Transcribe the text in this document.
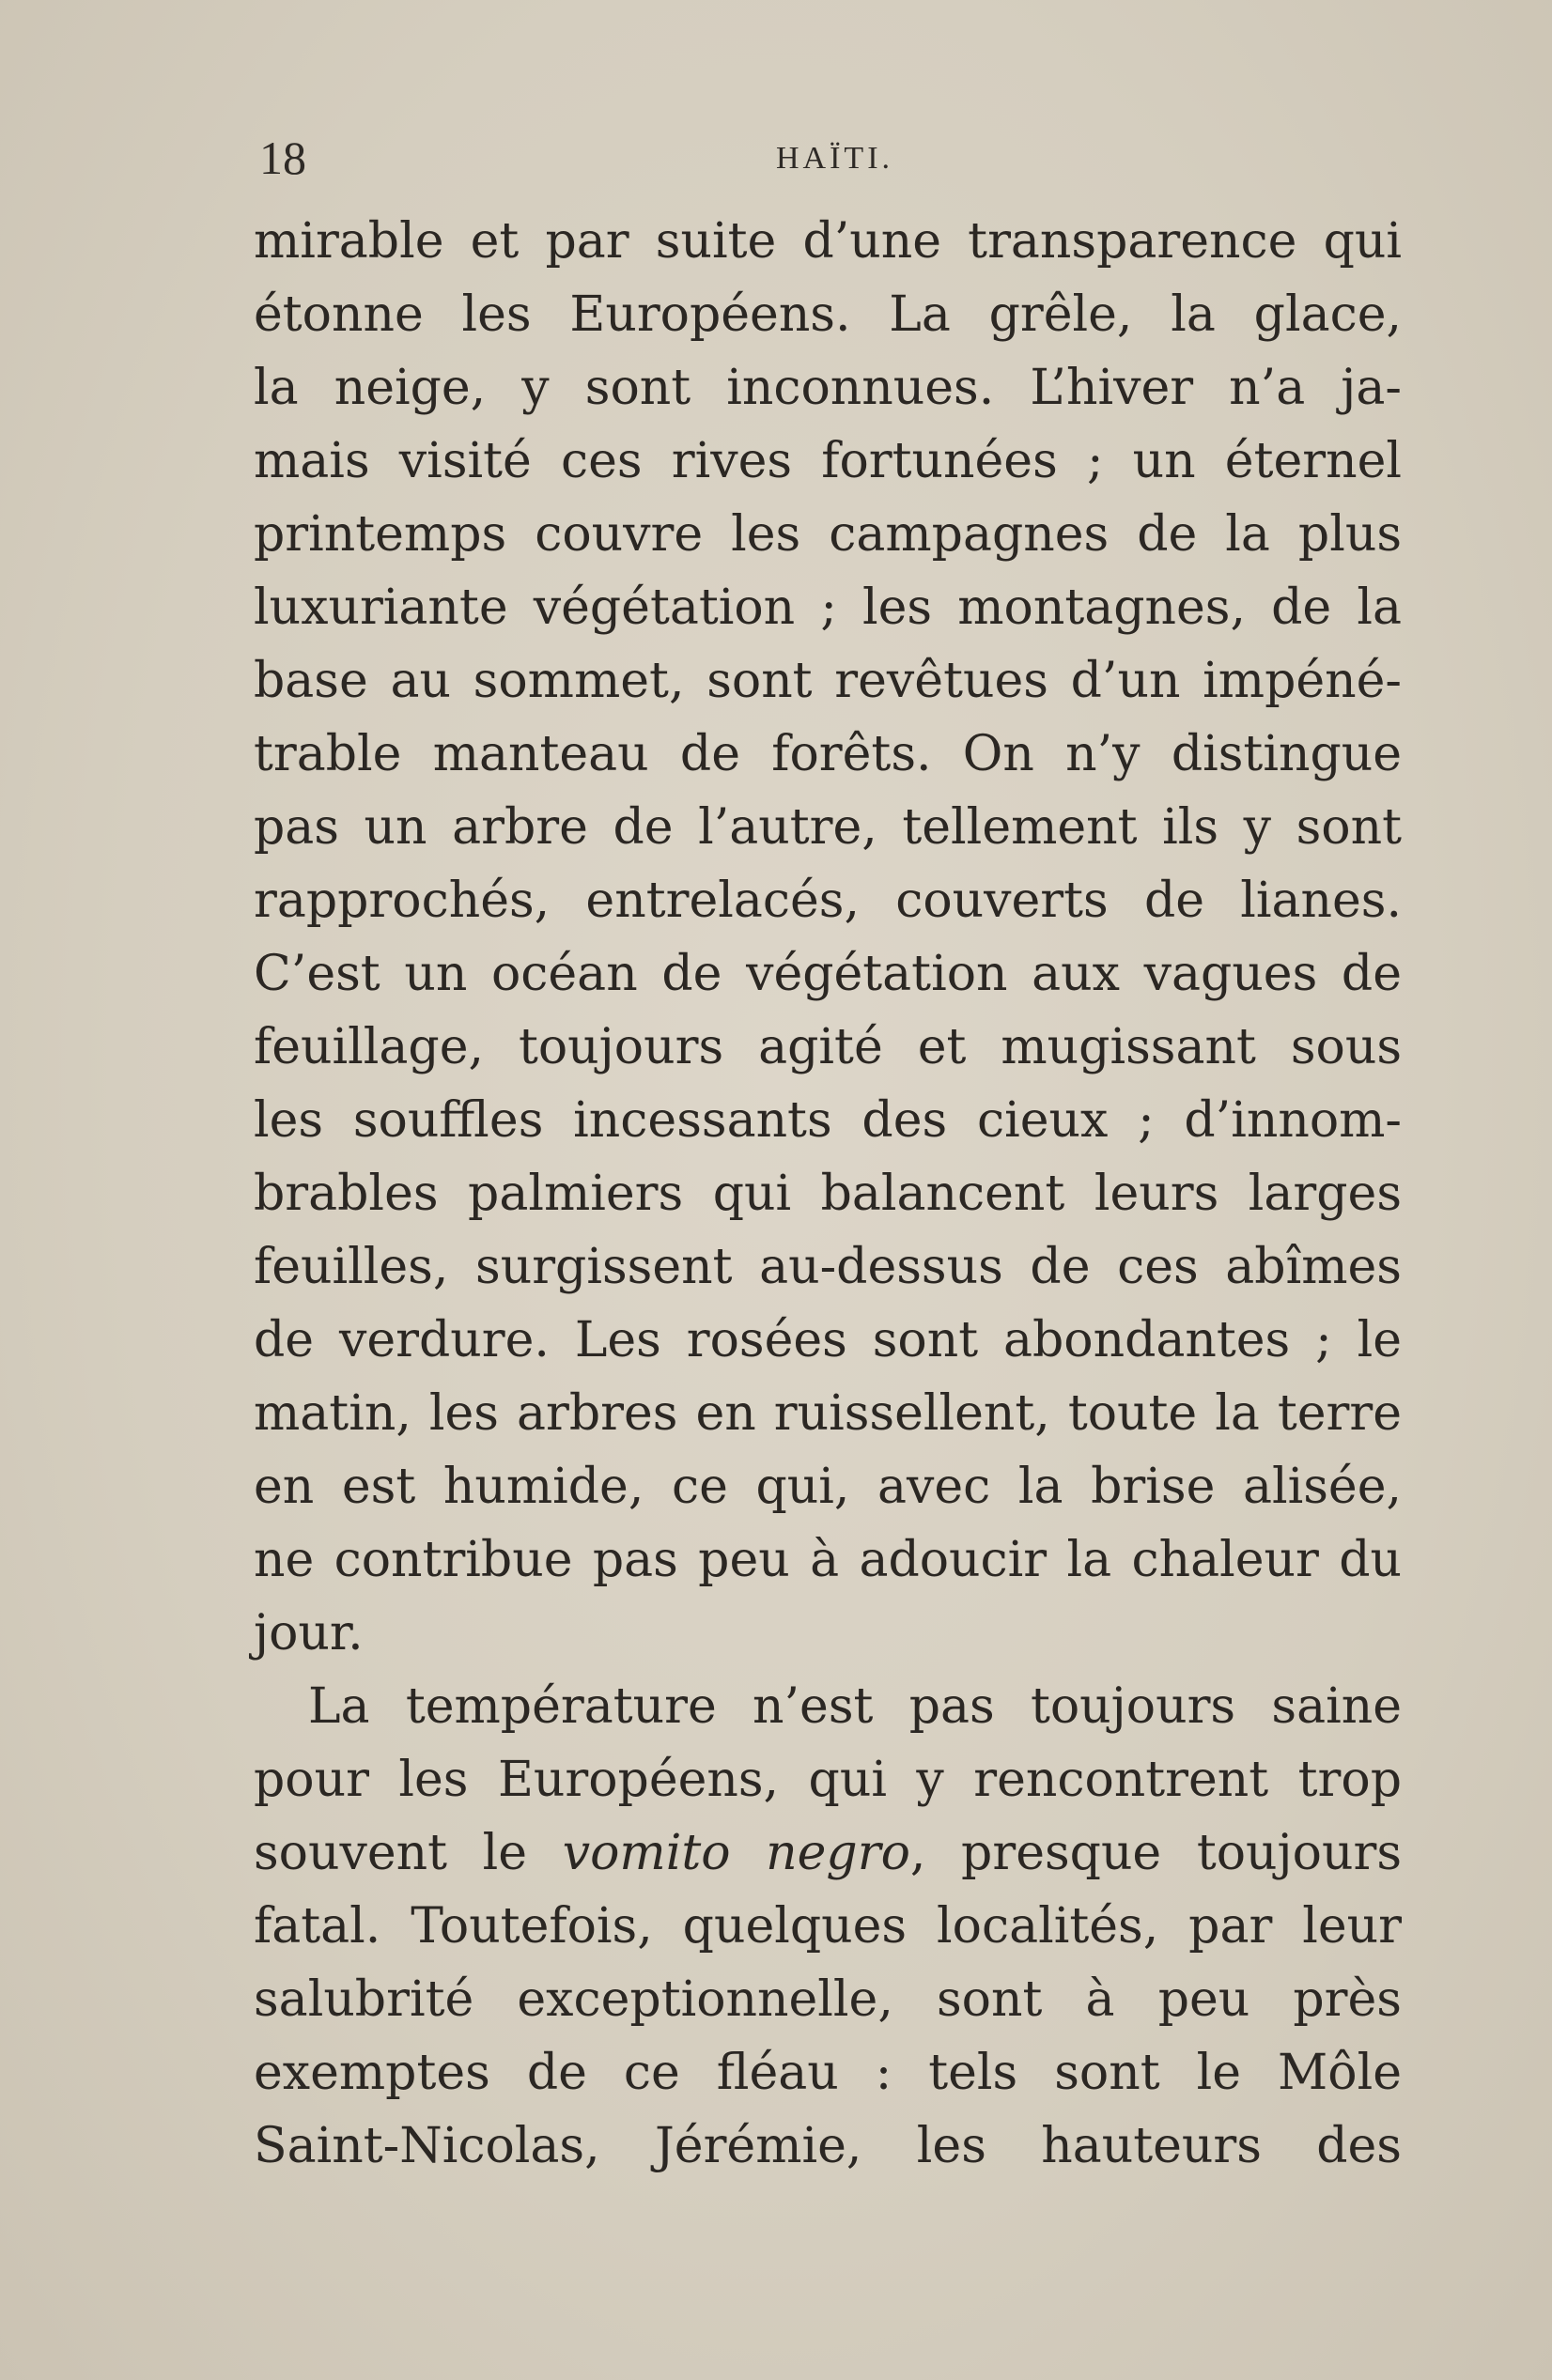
18	HAÏTI.
mirable et par suite d’une transparence qui
étonne les Européens. La grêle, la glace,
la neige, y sont inconnues. L’hiver n’a ja-
mais visité ces rives fortunées ; un éternel
printemps couvre les campagnes de la plus
luxuriante végétation ; les montagnes, de la
base au sommet, sont revêtues d’un impéné-
trable manteau de forêts. On n’y distingue
pas un arbre de l’autre, tellement ils y sont
rapprochés, entrelacés, couverts de lianes.
C’est un océan de végétation aux vagues de
feuillage, toujours agité et mugissant sous
les souffles incessants des cieux ; d’innom-
brables palmiers qui balancent leurs larges
feuilles, surgissent au-dessus de ces abîmes
de verdure. Les rosées sont abondantes ; le
matin, les arbres en ruissellent, toute la terre
en est humide, ce qui, avec la brise alisée,
ne contribue pas peu à adoucir la chaleur du
jour.
La température n’est pas toujours saine
pour les Européens, qui y rencontrent trop
souvent le vomito negro, presque toujours
fatal. Toutefois, quelques localités, par leur
salubrité exceptionnelle, sont à peu près
exemptes de ce fléau : tels sont le Môle
Saint-Nicolas, Jérémie, les hauteurs des
